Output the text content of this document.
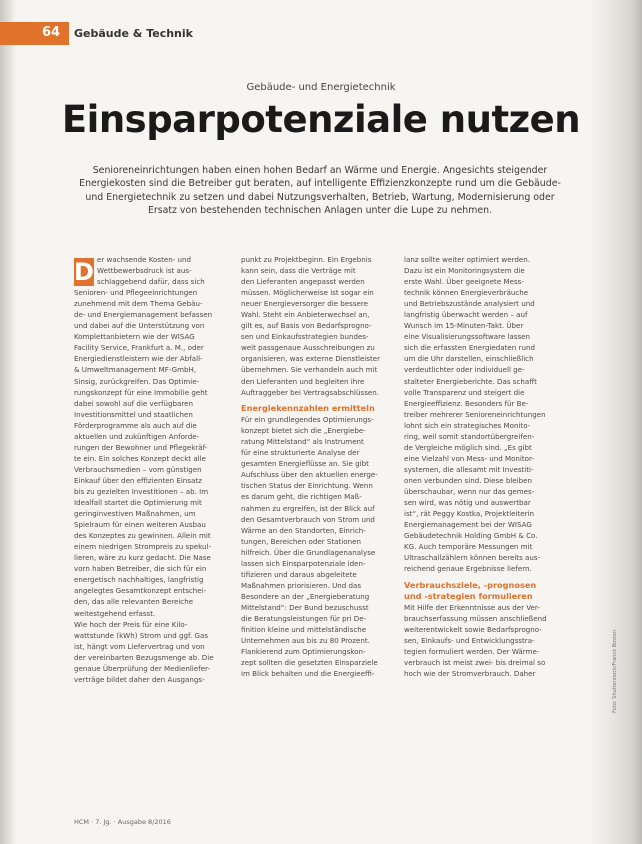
64 Gebäude & Technik
Gebäude- und Energietechnik
Einsparpotenziale nutzen
Senioreneinrichtungen haben einen hohen Bedarf an Wärme und Energie. Angesichts steigender Energiekosten sind die Betreiber gut beraten, auf intelligente Effizienzkonzepte rund um die Gebäude- und Energietechnik zu setzen und dabei Nutzungsverhalten, Betrieb, Wartung, Modernisierung oder Ersatz von bestehenden technischen Anlagen unter die Lupe zu nehmen.
D er wachsende Kosten- und
Wettbewerbsdruck ist aus-
schlaggebend dafür, dass sich
Senioren- und Pflegeeinrichtungen
zunehmend mit dem Thema Gebäu-
de- und Energiemanagement befassen
und dabei auf die Unterstützung von
Komplettanbietern wie der WISAG
Facility Service, Frankfurt a. M., oder
Energiedienstleistern wie der Abfall-
& Umweltmanagement MF-GmbH,
Sinsig, zurückgreifen. Das Optimie-
rungskonzept für eine Immobilie geht
dabei sowohl auf die verfügbaren
Investitionsmittel und staatlichen
Förderprogramme als auch auf die
aktuellen und zukünftigen Anforde-
rungen der Bewohner und Pflegekräf-
te ein. Ein solches Konzept deckt alle
Verbrauchsmedien – vom günstigen
Einkauf über den effizienten Einsatz
bis zu gezielten Investitionen – ab. Im
Idealfall startet die Optimierung mit
geringinvestiven Maßnahmen, um
Spielraum für einen weiteren Ausbau
des Konzeptes zu gewinnen. Allein mit
einem niedrigen Strompreis zu spekul-
lieren, wäre zu kurz gedacht. Die Nase
vorn haben Betreiber, die sich für ein
energetisch nachhaltiges, langfristig
angelegtes Gesamtkonzept entschei-
den, das alle relevanten Bereiche
weitestgehend erfasst.
Wie hoch der Preis für eine Kilo-
wattstunde (kWh) Strom und ggf. Gas
ist, hängt vom Liefervertrag und von
der vereinbarten Bezugsmenge ab. Die
genaue Überprüfung der Medienliefer-
verträge bildet daher den Ausgangs-
punkt zu Projektbeginn. Ein Ergebnis
kann sein, dass die Verträge mit
den Lieferanten angepasst werden
müssen. Möglicherweise ist sogar ein
neuer Energieversorger die bessere
Wahl. Steht ein Anbieterwechsel an,
gilt es, auf Basis von Bedarfsprogno-
sen und Einkaufsstrategien bundes-
weit passgenaue Ausschreibungen zu
organisieren, was externe Dienstleister
übernehmen. Sie verhandeln auch mit
den Lieferanten und begleiten ihre
Auftraggeber bei Vertragsabschlüssen.
Energiekennzahlen ermitteln
Für ein grundlegendes Optimierungs-
konzept bietet sich die „Energiebe-
ratung Mittelstand“ als Instrument
für eine strukturierte Analyse der
gesamten Energieflüsse an. Sie gibt
Aufschluss über den aktuellen energe-
tischen Status der Einrichtung. Wenn
es darum geht, die richtigen Maß-
nahmen zu ergreifen, ist der Blick auf
den Gesamtverbrauch von Strom und
Wärme an den Standorten, Einrich-
tungen, Bereichen oder Stationen
hilfreich. Über die Grundlagenanalyse
lassen sich Einsparpotenziale iden-
tifizieren und daraus abgeleitete
Maßnahmen priorisieren. Und das
Besondere an der „Energieberatung
Mittelstand“: Der Bund bezuschusst
die Beratungsleistungen für pri De-
finition kleine und mittelständische
Unternehmen aus bis zu 80 Prozent.
Flankierend zum Optimierungskon-
zept sollten die gesetzten Einsparziele
im Blick behalten und die Energieeffi-
lanz sollte weiter optimiert werden.
Dazu ist ein Monitoringsystem die
erste Wahl. Über geeignete Mess-
technik können Energieverbräuche
und Betriebszustände analysiert und
langfristig überwacht werden – auf
Wunsch im 15-Minuten-Takt. Über
eine Visualisierungssoftware lassen
sich die erfassten Energiedaten rund
um die Uhr darstellen, einschließlich
verdeutlichter oder individuell ge-
stalteter Energieberichte. Das schafft
volle Transparenz und steigert die
Energieeffizienz. Besonders für Be-
treiber mehrerer Senioreneinrichtungen
lohnt sich ein strategisches Monito-
ring, weil somit standortübergreifen-
de Vergleiche möglich sind. „Es gibt
eine Vielzahl von Mess- und Monitor-
systemen, die allesamt mit Investiti-
onen verbunden sind. Diese bleiben
überschaubar, wenn nur das gemes-
sen wird, was nötig und auswertbar
ist“, rät Peggy Kostka, Projektleiterin
Energiemanagement bei der WISAG
Gebäudetechnik Holding GmbH & Co.
KG. Auch temporäre Messungen mit
Ultraschallzählern können bereits aus-
reichend genaue Ergebnisse liefern.
Verbrauchsziele, -prognosen
und -strategien formulieren
Mit Hilfe der Erkenntnisse aus der Ver-
brauchserfassung müssen anschließend
weiterentwickelt sowie Bedarfsprogno-
sen, Einkaufs- und Entwicklungsstra-
tegien formuliert werden. Der Wärme-
verbrauch ist meist zwei- bis dreimal so
hoch wie der Stromverbrauch. Daher
HCM · 7. Jg. · Ausgabe 8/2016
Foto: Shutterstock/Franck Boston
